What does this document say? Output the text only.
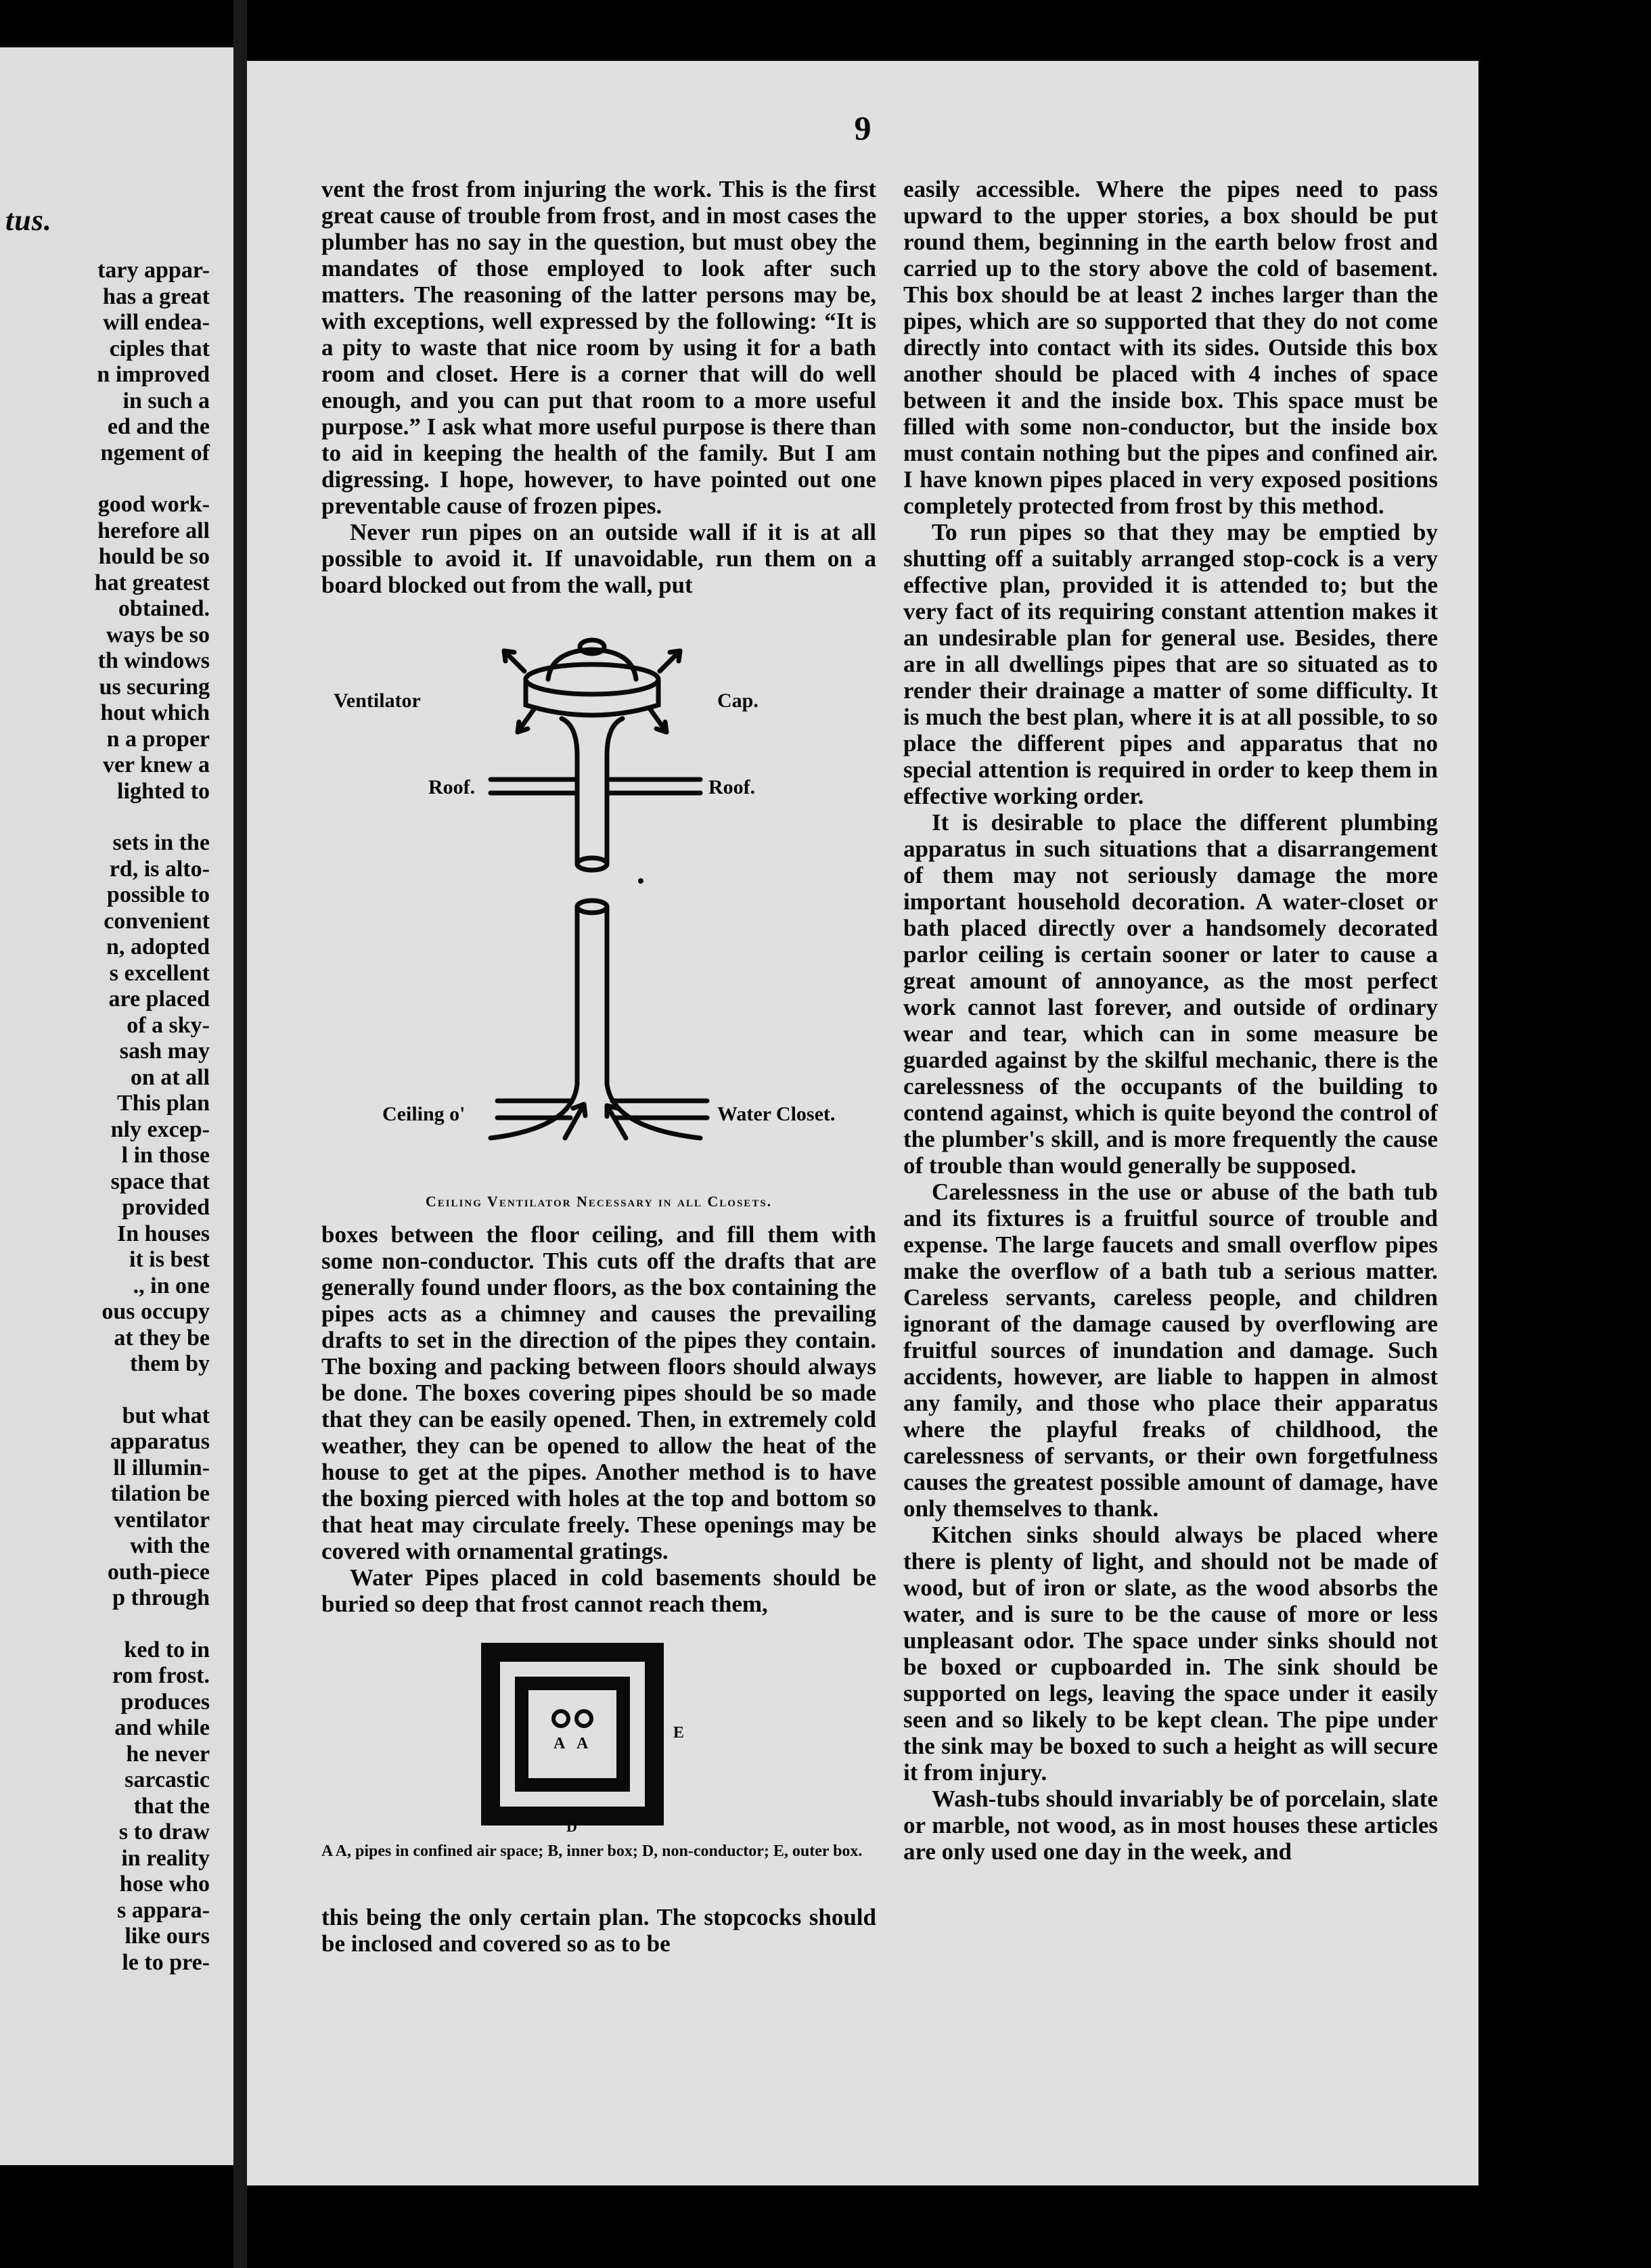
tus.
tary appar-
has a great
will endea-
ciples that
n improved
in such a
ed and the
ngement of
good work-
herefore all
hould be so
hat greatest
obtained.
ways be so
th windows
us securing
hout which
n a proper
ver knew a
lighted to
sets in the
rd, is alto-
possible to
convenient
n, adopted
s excellent
are placed
of a sky-
sash may
on at all
This plan
nly excep-
l in those
space that
provided
In houses
it is best
., in one
ous occupy
at they be
them by
but what
apparatus
ll illumin-
tilation be
ventilator
with the
outh-piece
p through
ked to in
rom frost.
produces
and while
he never
sarcastic
that the
s to draw
in reality
hose who
s appara-
like ours
le to pre-
9

vent the frost from injuring the work. This is the first great cause of trouble from frost, and in most cases the plumber has no say in the question, but must obey the mandates of those employed to look after such matters. The reasoning of the latter persons may be, with exceptions, well expressed by the following: “It is a pity to waste that nice room by using it for a bath room and closet. Here is a corner that will do well enough, and you can put that room to a more useful purpose.” I ask what more useful purpose is there than to aid in keeping the health of the family. But I am digressing. I hope, however, to have pointed out one preventable cause of frozen pipes.

Never run pipes on an outside wall if it is at all possible to avoid it. If unavoidable, run them on a board blocked out from the wall, put

Ventilator	Cap.
Roof.	Roof.
Ceiling o'	Water Closet.
Ceiling Ventilator Necessary in all Closets.

boxes between the floor ceiling, and fill them with some non-conductor. This cuts off the drafts that are generally found under floors, as the box containing the pipes acts as a chimney and causes the prevailing drafts to set in the direction of the pipes they contain. The boxing and packing between floors should always be done. The boxes covering pipes should be so made that they can be easily opened. Then, in extremely cold weather, they can be opened to allow the heat of the house to get at the pipes. Another method is to have the boxing pierced with holes at the top and bottom so that heat may circulate freely. These openings may be covered with ornamental gratings.

Water Pipes placed in cold basements should be buried so deep that frost cannot reach them,

A A
E
D
A A, pipes in confined air space; B, inner box; D, non-conductor; E, outer box.

this being the only certain plan. The stopcocks should be inclosed and covered so as to be

easily accessible. Where the pipes need to pass upward to the upper stories, a box should be put round them, beginning in the earth below frost and carried up to the story above the cold of basement. This box should be at least 2 inches larger than the pipes, which are so supported that they do not come directly into contact with its sides. Outside this box another should be placed with 4 inches of space between it and the inside box. This space must be filled with some non-conductor, but the inside box must contain nothing but the pipes and confined air. I have known pipes placed in very exposed positions completely protected from frost by this method.

To run pipes so that they may be emptied by shutting off a suitably arranged stop-cock is a very effective plan, provided it is attended to; but the very fact of its requiring constant attention makes it an undesirable plan for general use. Besides, there are in all dwellings pipes that are so situated as to render their drainage a matter of some difficulty. It is much the best plan, where it is at all possible, to so place the different pipes and apparatus that no special attention is required in order to keep them in effective working order.

It is desirable to place the different plumbing apparatus in such situations that a disarrangement of them may not seriously damage the more important household decoration. A water-closet or bath placed directly over a handsomely decorated parlor ceiling is certain sooner or later to cause a great amount of annoyance, as the most perfect work cannot last forever, and outside of ordinary wear and tear, which can in some measure be guarded against by the skilful mechanic, there is the carelessness of the occupants of the building to contend against, which is quite beyond the control of the plumber's skill, and is more frequently the cause of trouble than would generally be supposed.

Carelessness in the use or abuse of the bath tub and its fixtures is a fruitful source of trouble and expense. The large faucets and small overflow pipes make the overflow of a bath tub a serious matter. Careless servants, careless people, and children ignorant of the damage caused by overflowing are fruitful sources of inundation and damage. Such accidents, however, are liable to happen in almost any family, and those who place their apparatus where the playful freaks of childhood, the carelessness of servants, or their own forgetfulness causes the greatest possible amount of damage, have only themselves to thank.

Kitchen sinks should always be placed where there is plenty of light, and should not be made of wood, but of iron or slate, as the wood absorbs the water, and is sure to be the cause of more or less unpleasant odor. The space under sinks should not be boxed or cupboarded in. The sink should be supported on legs, leaving the space under it easily seen and so likely to be kept clean. The pipe under the sink may be boxed to such a height as will secure it from injury.

Wash-tubs should invariably be of porcelain, slate or marble, not wood, as in most houses these articles are only used one day in the week, and
